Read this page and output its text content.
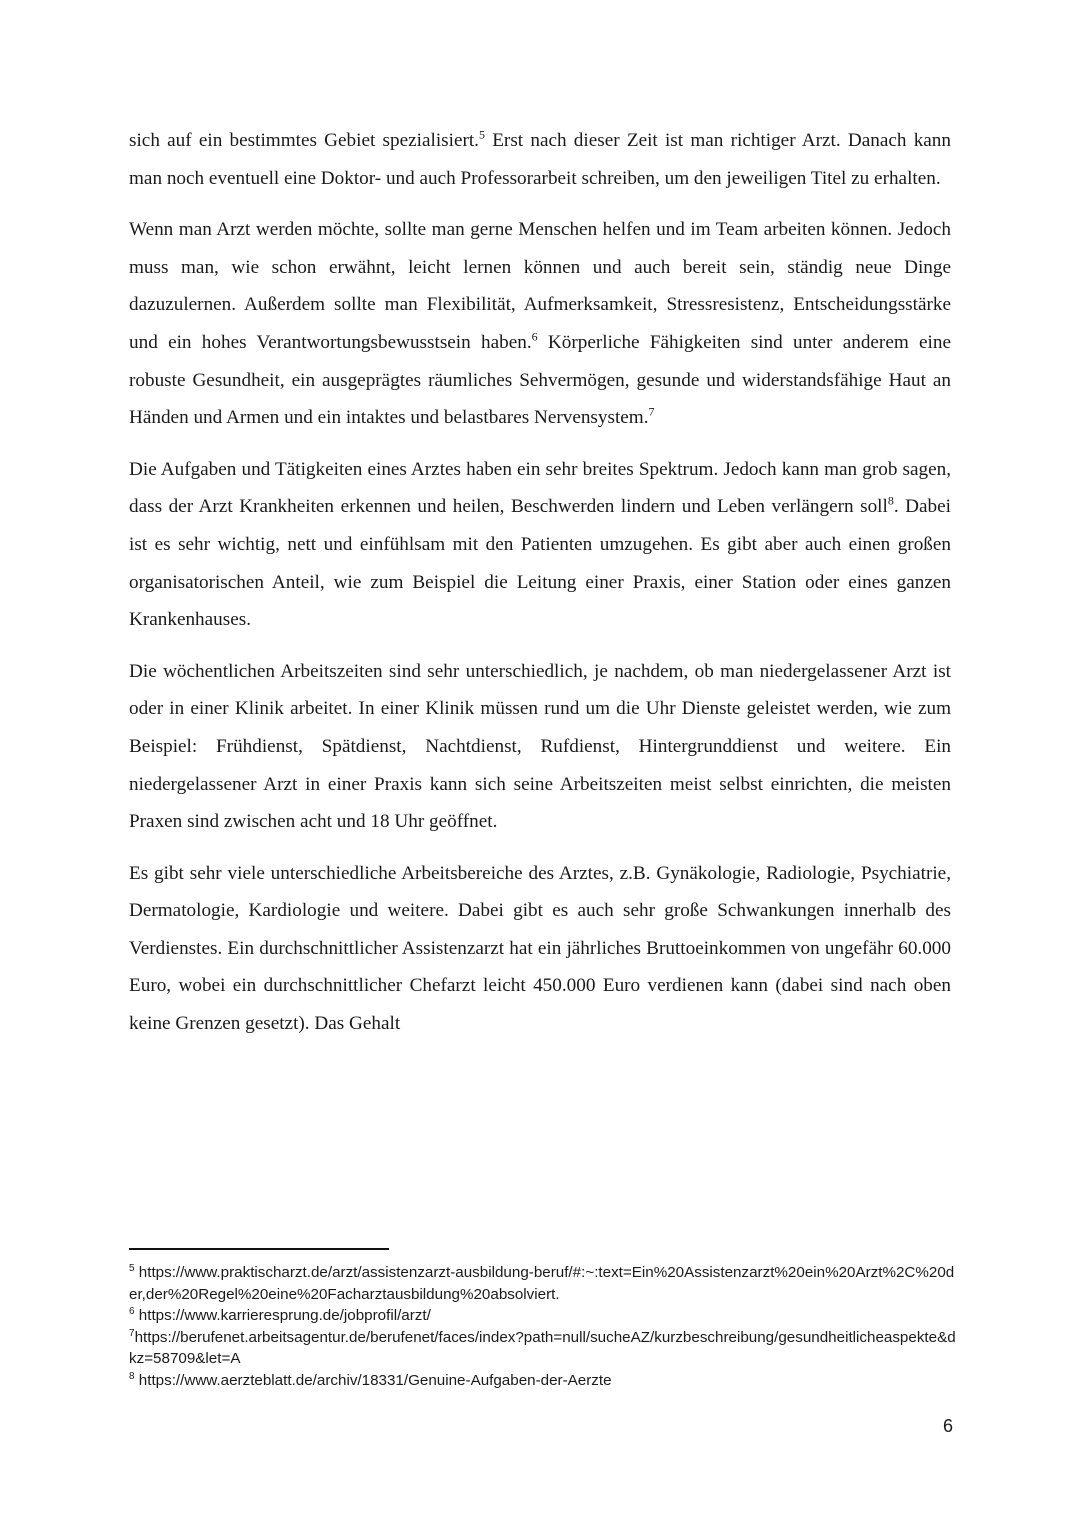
sich auf ein bestimmtes Gebiet spezialisiert.$^5$ Erst nach dieser Zeit ist man richtiger Arzt. Danach kann man noch eventuell eine Doktor- und auch Professorarbeit schreiben, um den jeweiligen Titel zu erhalten.

Wenn man Arzt werden möchte, sollte man gerne Menschen helfen und im Team arbeiten können. Jedoch muss man, wie schon erwähnt, leicht lernen können und auch bereit sein, ständig neue Dinge dazuzulernen. Außerdem sollte man Flexibilität, Aufmerksamkeit, Stressresistenz, Entscheidungsstärke und ein hohes Verantwortungsbewusstsein haben.$^6$ Körperliche Fähigkeiten sind unter anderem eine robuste Gesundheit, ein ausgeprägtes räumliches Sehvermögen, gesunde und widerstandsfähige Haut an Händen und Armen und ein intaktes und belastbares Nervensystem.$^7$

Die Aufgaben und Tätigkeiten eines Arztes haben ein sehr breites Spektrum. Jedoch kann man grob sagen, dass der Arzt Krankheiten erkennen und heilen, Beschwerden lindern und Leben verlängern soll$^8$. Dabei ist es sehr wichtig, nett und einfühlsam mit den Patienten umzugehen. Es gibt aber auch einen großen organisatorischen Anteil, wie zum Beispiel die Leitung einer Praxis, einer Station oder eines ganzen Krankenhauses.

Die wöchentlichen Arbeitszeiten sind sehr unterschiedlich, je nachdem, ob man niedergelassener Arzt ist oder in einer Klinik arbeitet. In einer Klinik müssen rund um die Uhr Dienste geleistet werden, wie zum Beispiel: Frühdienst, Spätdienst, Nachtdienst, Rufdienst, Hintergrunddienst und weitere. Ein niedergelassener Arzt in einer Praxis kann sich seine Arbeitszeiten meist selbst einrichten, die meisten Praxen sind zwischen acht und 18 Uhr geöffnet.

Es gibt sehr viele unterschiedliche Arbeitsbereiche des Arztes, z.B. Gynäkologie, Radiologie, Psychiatrie, Dermatologie, Kardiologie und weitere. Dabei gibt es auch sehr große Schwankungen innerhalb des Verdienstes. Ein durchschnittlicher Assistenzarzt hat ein jährliches Bruttoeinkommen von ungefähr 60.000 Euro, wobei ein durchschnittlicher Chefarzt leicht 450.000 Euro verdienen kann (dabei sind nach oben keine Grenzen gesetzt). Das Gehalt

$^5$ https://www.praktischarzt.de/arzt/assistenzarzt-ausbildung-beruf/#:~:text=Ein%20Assistenzarzt%20ein%20Arzt%2C%20der,der%20Regel%20eine%20Facharztausbildung%20absolviert.

$^6$ https://www.karrieresprung.de/jobprofil/arzt/

$^7$https://berufenet.arbeitsagentur.de/berufenet/faces/index?path=null/sucheAZ/kurzbeschreibung/gesundheitlicheaspekte&dkz=58709&let=A

$^8$ https://www.aerzteblatt.de/archiv/18331/Genuine-Aufgaben-der-Aerzte

6
